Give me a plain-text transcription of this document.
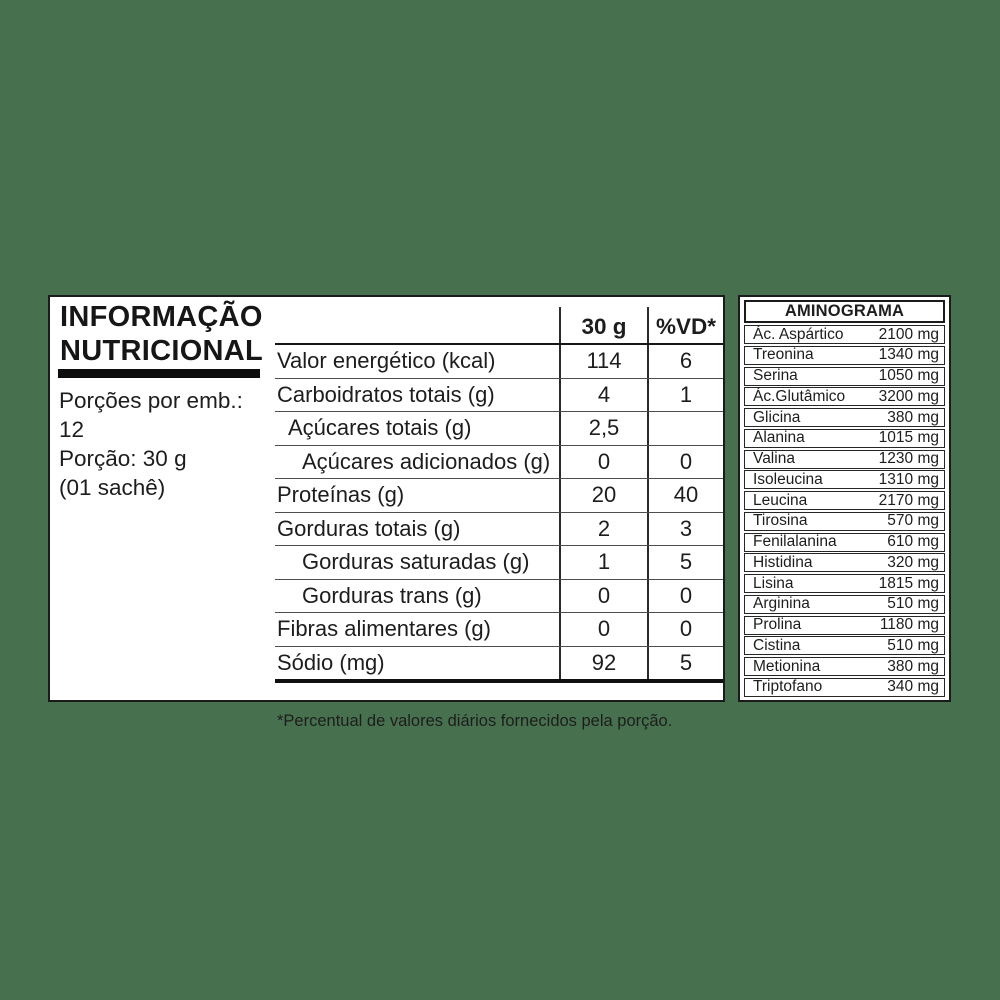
INFORMAÇÃO
NUTRICIONAL
Porções por emb.:
12
Porção: 30 g
(01 sachê)
30 g	%VD*
Valor energético (kcal)	114	6
Carboidratos totais (g)	4	1
Açúcares totais (g)	2,5
Açúcares adicionados (g)	0	0
Proteínas (g)	20	40
Gorduras totais (g)	2	3
Gorduras saturadas (g)	1	5
Gorduras trans (g)	0	0
Fibras alimentares (g)	0	0
Sódio (mg)	92	5
*Percentual de valores diários fornecidos pela porção.
AMINOGRAMA
Ác. Aspártico 2100 mg
Treonina	1340 mg
Serina	1050 mg
Ác.Glutâmico 3200 mg
Glicina	380 mg
Alanina	1015 mg
Valina	1230 mg
Isoleucina	1310 mg
Leucina	2170 mg
Tirosina	570 mg
Fenilalanina	610 mg
Histidina	320 mg
Lisina	1815 mg
Arginina	510 mg
Prolina	1180 mg
Cistina	510 mg
Metionina	380 mg
Triptofano	340 mg
